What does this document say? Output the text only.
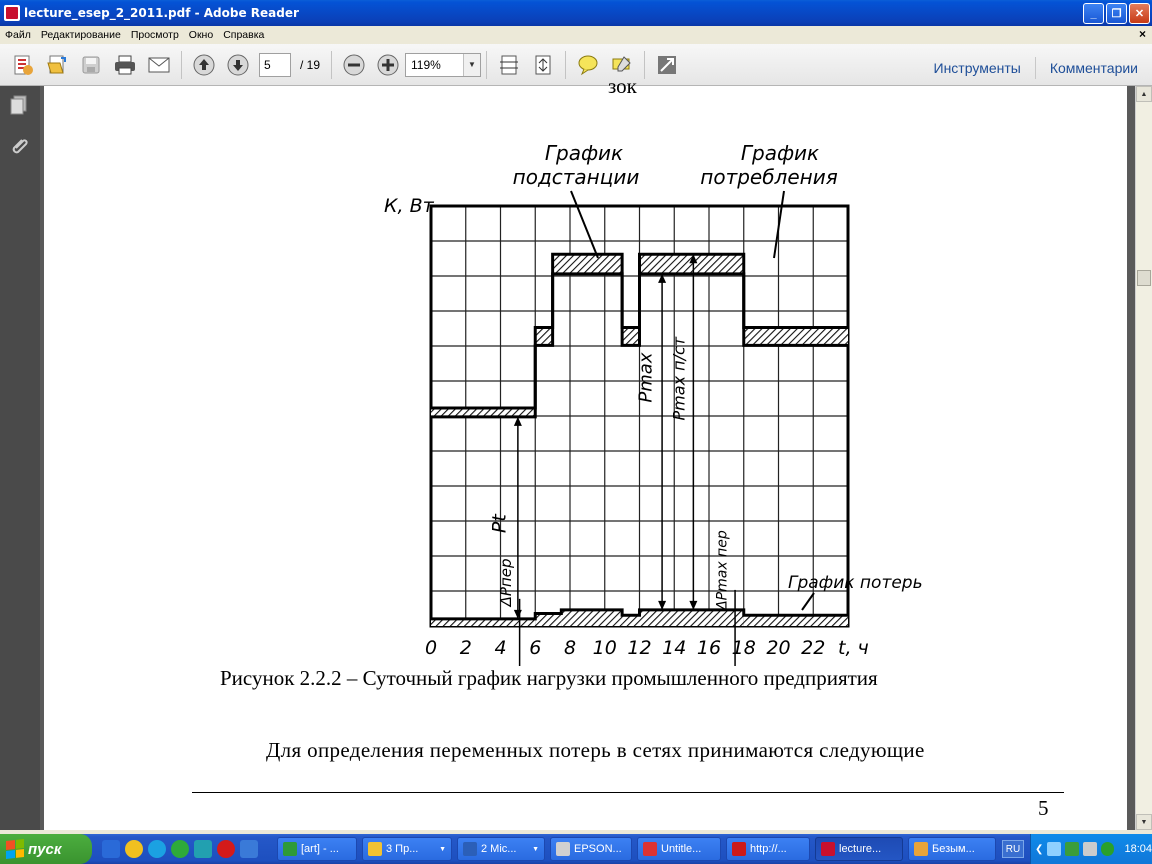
lecture_esep_2_2011.pdf - Adobe Reader	_	❐	✕
Файл Редактирование Просмотр Окно Справка	×
5
/ 19	119%	▼	Инструменты Комментарии
зок
0 2 4 6 8 10 12 14 16 18 20 22 t, ч
К, Вт
График
подстанции
График
потребления
График потерь
Pt
ΔPпер
Pmax Pmax п/ст
ΔPmax пер
Рисунок 2.2.2 – Суточный график нагрузки промышленного предприятия
Для определения переменных потерь в сетях принимаются следующие
5
▲
▼
пуск	[art] - ...	3 Пр...	▼	2 Mic... ▼	EPSON...	Untitle...	http://...	lecture...	Безым...	RU	❮	18:04
